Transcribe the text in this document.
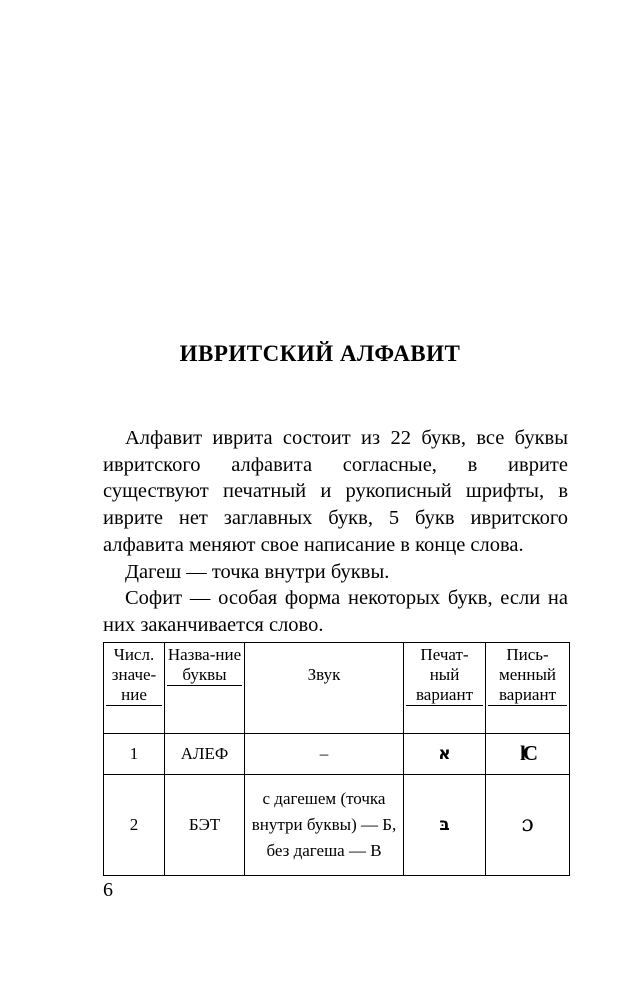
ИВРИТСКИЙ АЛФАВИТ

Алфавит иврита состоит из 22 букв, все буквы ивритского алфавита согласные, в иврите существуют печатный и рукописный шрифты, в иврите нет заглавных букв, 5 букв ивритского алфавита меняют свое написание в конце слова.

Дагеш — точка внутри буквы.

Софит — особая форма некоторых букв, если на них заканчивается слово.

Числ. значе-ние	Назва-ние буквы	Звук	Печат-ный вариант	Пись-менный вариант
1	АЛЕФ	–	א	lC
2	БЭТ	с дагешем (точка внутри буквы) — Б, без дагеша — В	בּ	ɔ
6
